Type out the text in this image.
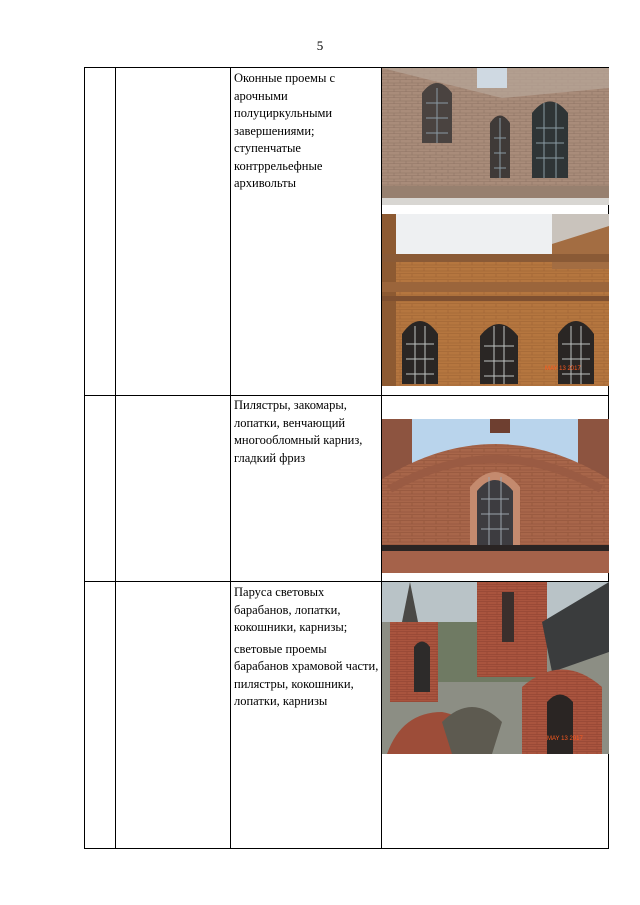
5

Оконные проемы с арочными полуциркульными завершениями; ступенчатые контррельефные архивольты

Пилястры, закомары, лопатки, венчающий многообломный карниз, гладкий фриз

Паруса световых барабанов, лопатки, кокошники, карнизы;

световые проемы барабанов храмовой части, пилястры, кокошники, лопатки, карнизы

MAY 13 2017
MAY 13 2017
